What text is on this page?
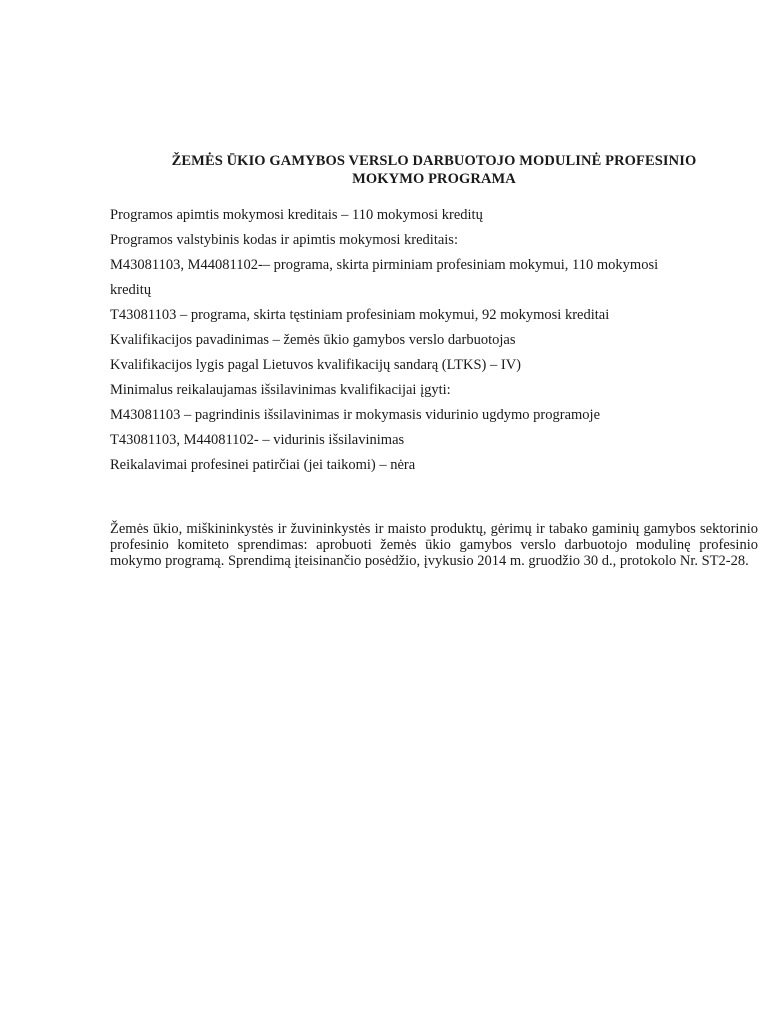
ŽEMĖS ŪKIO GAMYBOS VERSLO DARBUOTOJO MODULINĖ PROFESINIO
MOKYMO PROGRAMA
Programos apimtis mokymosi kreditais – 110 mokymosi kreditų
Programos valstybinis kodas ir apimtis mokymosi kreditais:
M43081103, M44081102-– programa, skirta pirminiam profesiniam mokymui, 110 mokymosi
kreditų
T43081103 – programa, skirta tęstiniam profesiniam mokymui, 92 mokymosi kreditai
Kvalifikacijos pavadinimas – žemės ūkio gamybos verslo darbuotojas
Kvalifikacijos lygis pagal Lietuvos kvalifikacijų sandarą (LTKS) – IV)
Minimalus reikalaujamas išsilavinimas kvalifikacijai įgyti:
M43081103 – pagrindinis išsilavinimas ir mokymasis vidurinio ugdymo programoje
T43081103, M44081102- – vidurinis išsilavinimas
Reikalavimai profesinei patirčiai (jei taikomi) – nėra
Žemės ūkio, miškininkystės ir žuvininkystės ir maisto produktų, gėrimų ir tabako gaminių gamybos sektorinio profesinio komiteto sprendimas: aprobuoti žemės ūkio gamybos verslo darbuotojo modulinę profesinio mokymo programą. Sprendimą įteisinančio posėdžio, įvykusio 2014 m. gruodžio 30 d., protokolo Nr. ST2-28.
